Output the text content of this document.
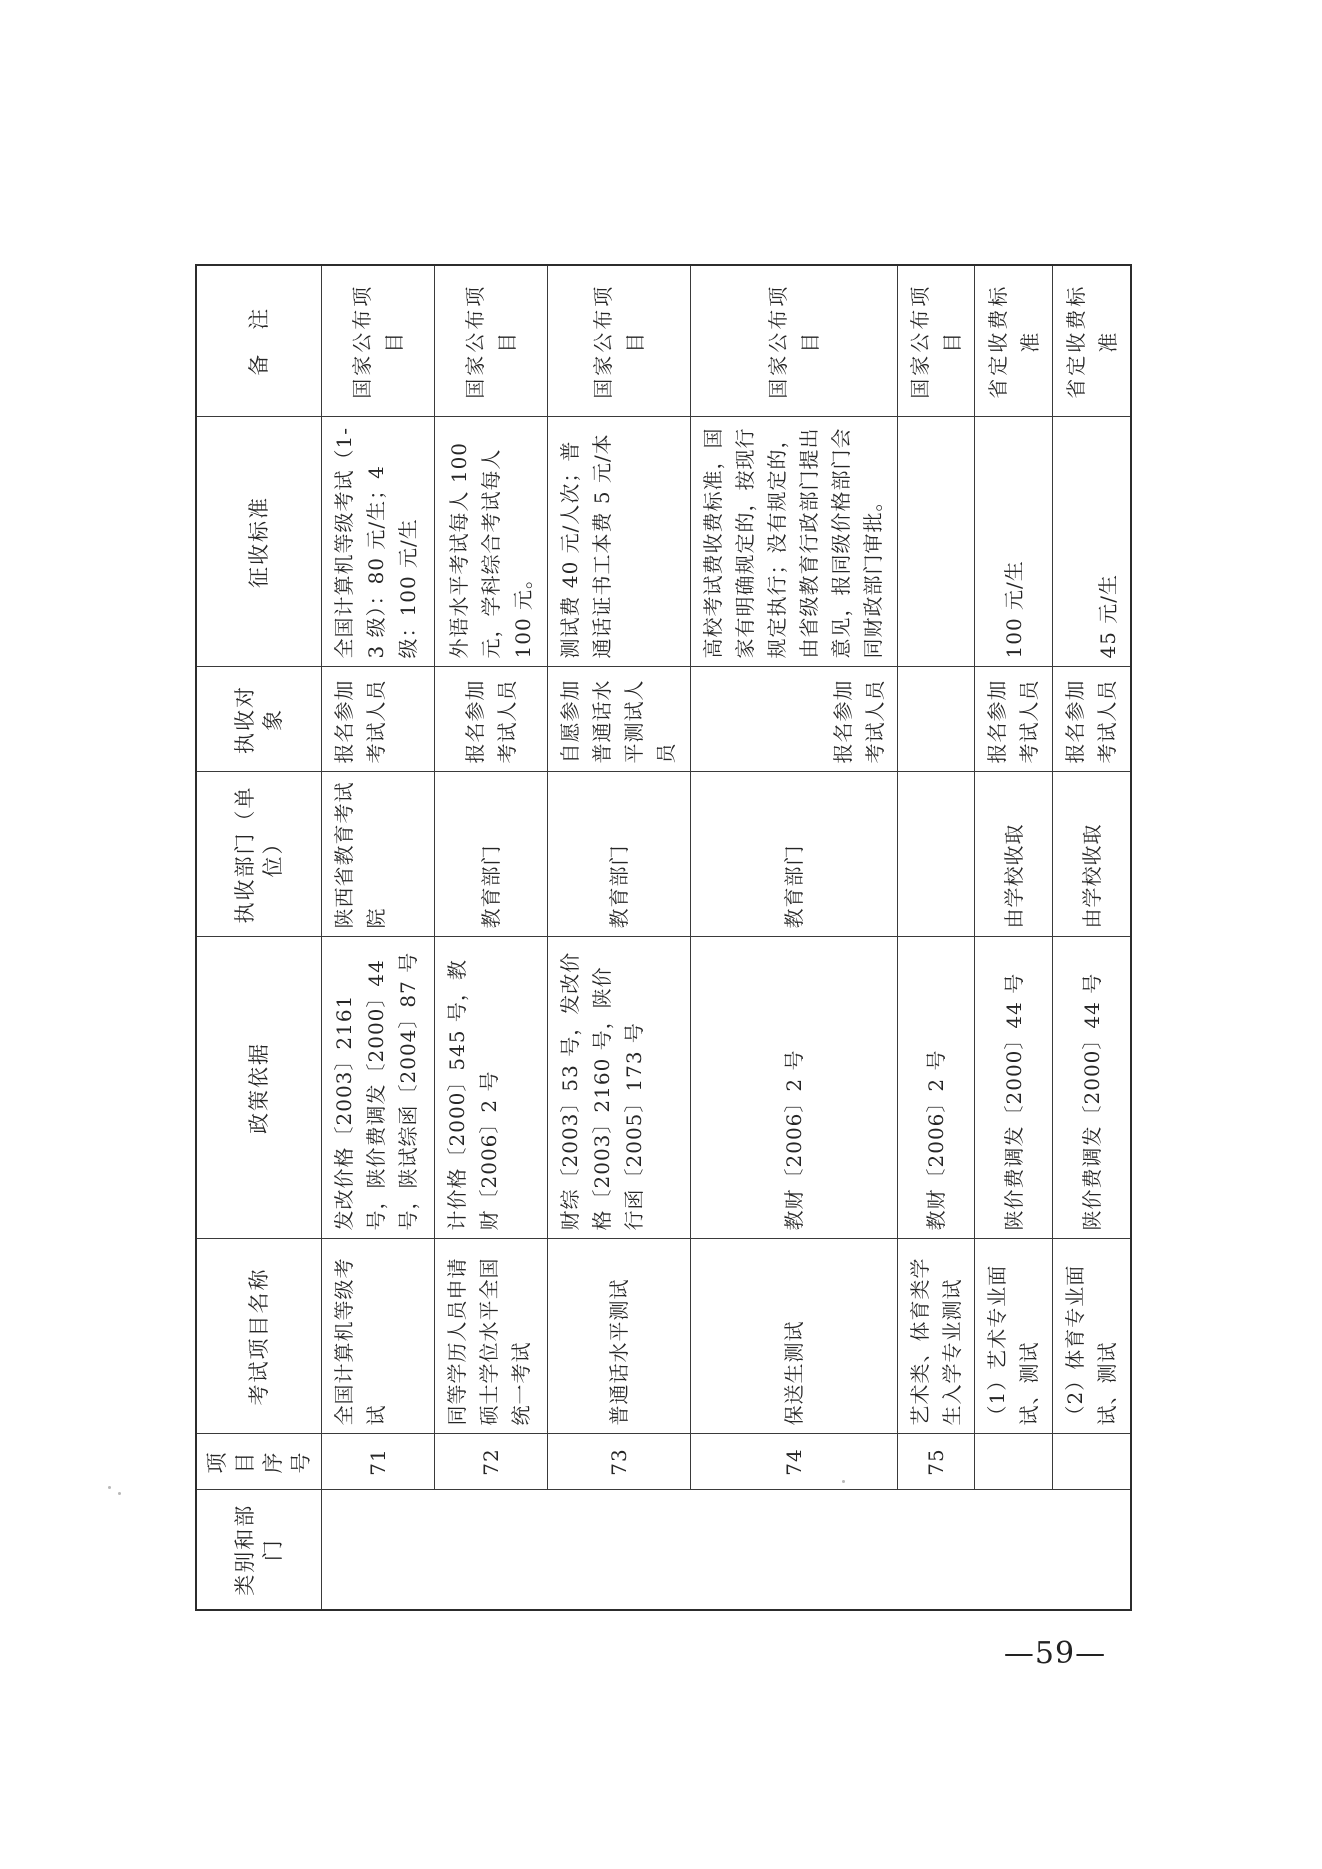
类别和部门	项目序号	考试项目名称	政策依据	执收部门（单位）	执收对象	征收标准	备　注
	71	全国计算机等级考试	发改价格〔2003〕2161 号，陕价费调发〔2000〕44 号，陕试综函〔2004〕87 号	陕西省教育考试院	报名参加考试人员	全国计算机等级考试（1-3 级）：80 元/生；4 级：100 元/生	国家公布项目
	72	同等学历人员申请硕士学位水平全国统一考试	计价格〔2000〕545 号，教财〔2006〕2 号	教育部门	报名参加考试人员	外语水平考试每人 100 元，学科综合考试每人 100 元。	国家公布项目
	73	普通话水平测试	财综〔2003〕53 号，发改价格〔2003〕2160 号，陕价行函〔2005〕173 号	教育部门	自愿参加普通话水平测试人员	测试费 40 元/人次；普通话证书工本费 5 元/本	国家公布项目
	74	保送生测试	教财〔2006〕2 号	教育部门	报名参加考试人员	高校考试费收费标准，国家有明确规定的，按现行规定执行；没有规定的，由省级教育行政部门提出意见，报同级价格部门会同财政部门审批。	国家公布项目
	75	艺术类、体育类学生入学专业测试	教财〔2006〕2 号				国家公布项目
		（1）艺术专业面试、测试	陕价费调发〔2000〕44 号	由学校收取	报名参加考试人员	100 元/生	省定收费标准
		（2）体育专业面试、测试	陕价费调发〔2000〕44 号	由学校收取	报名参加考试人员	45 元/生	省定收费标准
—59—
